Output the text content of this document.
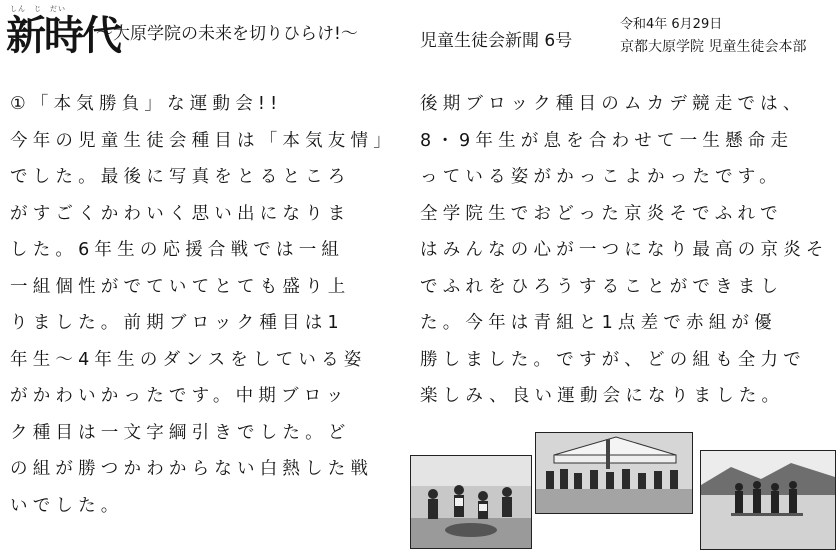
しん　じ　だい
新時代
～大原学院の未来を切りひらけ!～	児童生徒会新聞 6号
令和4年 6月29日
京都大原学院 児童生徒会本部
①「本気勝負」な運動会!!
今年の児童生徒会種目は「本気友情」
でした。最後に写真をとるところ
がすごくかわいく思い出になりま
した。6年生の応援合戦では一組
一組個性がでていてとても盛り上
りました。前期ブロック種目は1
年生～4年生のダンスをしている姿
がかわいかったです。中期ブロッ
ク種目は一文字綱引きでした。ど
の組が勝つかわからない白熱した戦
いでした。
後期ブロック種目のムカデ競走では、
8・9年生が息を合わせて一生懸命走
っている姿がかっこよかったです。
全学院生でおどった京炎そでふれで
はみんなの心が一つになり最高の京炎そ
でふれをひろうすることができまし
た。今年は青組と1点差で赤組が優
勝しました。ですが、どの組も全力で
楽しみ、良い運動会になりました。
